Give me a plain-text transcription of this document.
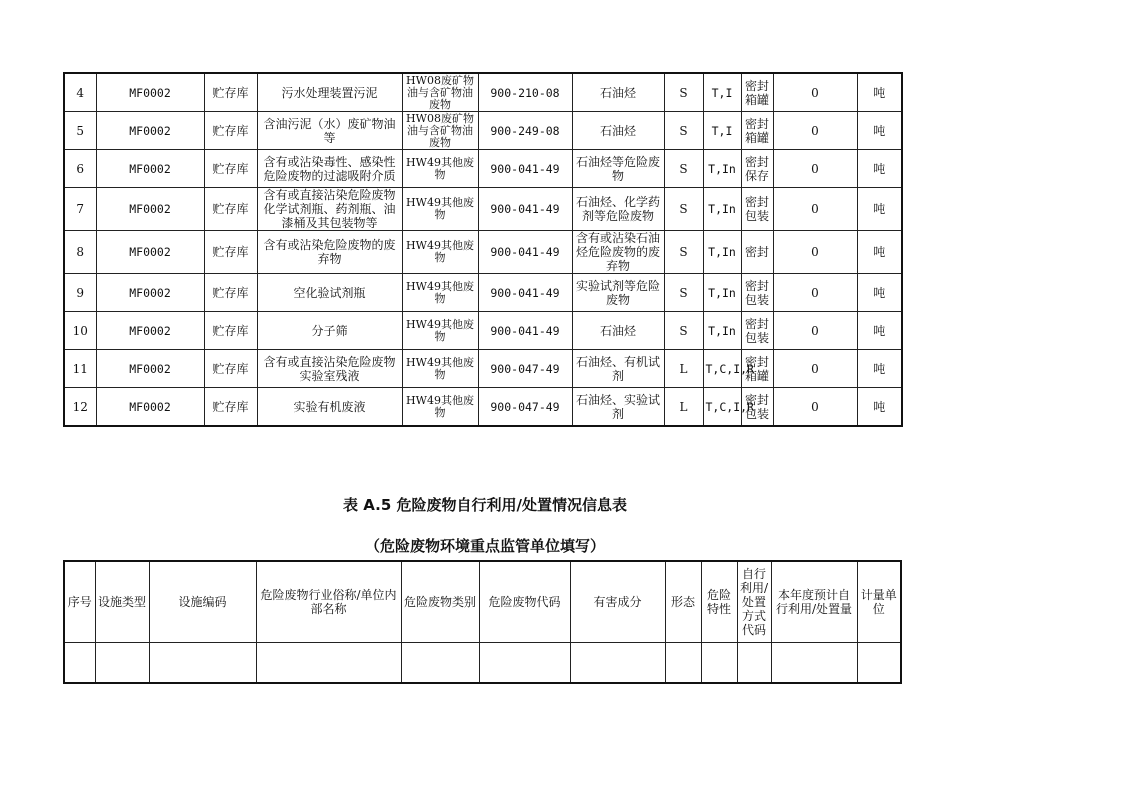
4	MF0002	贮存库	污水处理装置污泥	HW08废矿物油与含矿物油废物	900-210-08	石油烃	S	T,I	密封箱罐	0	吨
5	MF0002	贮存库	含油污泥（水）废矿物油等	HW08废矿物油与含矿物油废物	900-249-08	石油烃	S	T,I	密封箱罐	0	吨
6	MF0002	贮存库	含有或沾染毒性、感染性危险废物的过滤吸附介质	HW49其他废物	900-041-49	石油烃等危险废物	S	T,In	密封保存	0	吨
7	MF0002	贮存库	含有或直接沾染危险废物化学试剂瓶、药剂瓶、油漆桶及其包装物等	HW49其他废物	900-041-49	石油烃、化学药剂等危险废物	S	T,In	密封包装	0	吨
8	MF0002	贮存库	含有或沾染危险废物的废弃物	HW49其他废物	900-041-49	含有或沾染石油烃危险废物的废弃物	S	T,In	密封	0	吨
9	MF0002	贮存库	空化验试剂瓶	HW49其他废物	900-041-49	实验试剂等危险废物	S	T,In	密封包装	0	吨
10	MF0002	贮存库	分子筛	HW49其他废物	900-041-49	石油烃	S	T,In	密封包装	0	吨
11	MF0002	贮存库	含有或直接沾染危险废物实验室残液	HW49其他废物	900-047-49	石油烃、有机试剂	L	T,C,I,R	密封箱罐	0	吨
12	MF0002	贮存库	实验有机废液	HW49其他废物	900-047-49	石油烃、实验试剂	L	T,C,I,R	密封包装	0	吨
表 A.5 危险废物自行利用/处置情况信息表
（危险废物环境重点监管单位填写）
序号	设施类型	设施编码	危险废物行业俗称/单位内部名称	危险废物类别	危险废物代码	有害成分	形态	危险特性	自行利用/处置方式代码	本年度预计自行利用/处置量	计量单位
